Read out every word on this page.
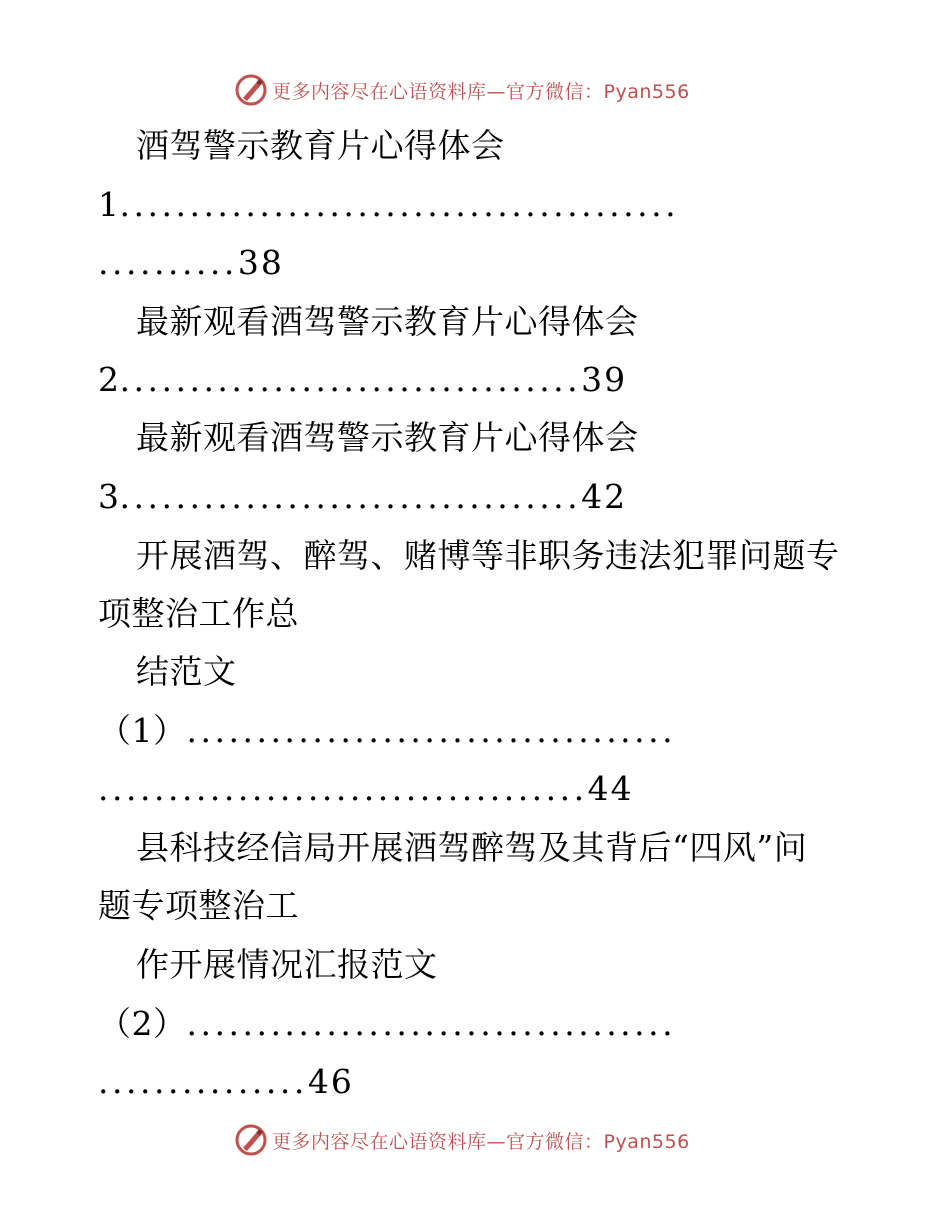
更多内容尽在心语资料库—官方微信：Pyan556
酒驾警示教育片心得体会
1........................................
..........38
最新观看酒驾警示教育片心得体会
2.................................39
最新观看酒驾警示教育片心得体会
3.................................42
开展酒驾、醉驾、赌博等非职务违法犯罪问题专
项整治工作总
结范文
（1）...................................
...................................44
县科技经信局开展酒驾醉驾及其背后“四风”问
题专项整治工
作开展情况汇报范文
（2）...................................
...............46
更多内容尽在心语资料库—官方微信：Pyan556
